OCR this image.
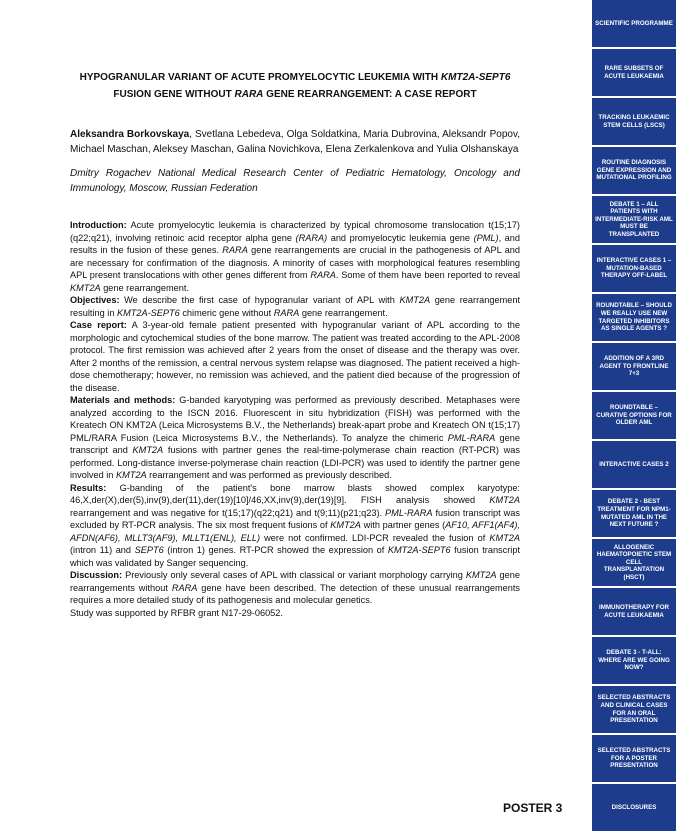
HYPOGRANULAR VARIANT OF ACUTE PROMYELOCYTIC LEUKEMIA WITH KMT2A-SEPT6 FUSION GENE WITHOUT RARA GENE REARRANGEMENT: A CASE REPORT
Aleksandra Borkovskaya, Svetlana Lebedeva, Olga Soldatkina, Maria Dubrovina, Aleksandr Popov, Michael Maschan, Aleksey Maschan, Galina Novichkova, Elena Zerkalenkova and Yulia Olshanskaya
Dmitry Rogachev National Medical Research Center of Pediatric Hematology, Oncology and Immunology, Moscow, Russian Federation

Introduction: Acute promyelocytic leukemia is characterized by typical chromosome translocation t(15;17)(q22;q21), involving retinoic acid receptor alpha gene (RARA) and promyelocytic leukemia gene (PML), and results in the fusion of these genes. RARA gene rearrangements are crucial in the pathogenesis of APL and are necessary for confirmation of the diagnosis. A minority of cases with morphological features resembling APL present translocations with other genes different from RARA. Some of them have been reported to reveal KMT2A gene rearrangement.

Objectives: We describe the first case of hypogranular variant of APL with KMT2A gene rearrangement resulting in KMT2A-SEPT6 chimeric gene without RARA gene rearrangement.

Case report: A 3-year-old female patient presented with hypogranular variant of APL according to the morphologic and cytochemical studies of the bone marrow. The patient was treated according to the APL-2008 protocol. The first remission was achieved after 2 years from the onset of disease and the therapy was over. After 2 months of the remission, a central nervous system relapse was diagnosed. The patient received a high-dose chemotherapy; however, no remission was achieved, and the patient died because of the progression of the disease.

Materials and methods: G-banded karyotyping was performed as previously described. Metaphases were analyzed according to the ISCN 2016. Fluorescent in situ hybridization (FISH) was performed with the Kreatech ON KMT2A (Leica Microsystems B.V., the Netherlands) break-apart probe and Kreatech ON t(15;17) PML/RARA Fusion (Leica Microsystems B.V., the Netherlands). To analyze the chimeric PML-RARA gene transcript and KMT2A fusions with partner genes the real-time-polymerase chain reaction (RT-PCR) was performed. Long-distance inverse-polymerase chain reaction (LDI-PCR) was used to identify the partner gene involved in KMT2A rearrangement and was performed as previously described.

Results: G-banding of the patient's bone marrow blasts showed complex karyotype: 46,X,der(X),der(5),inv(9),der(11),der(19)[10]/46,XX,inv(9),der(19)[9]. FISH analysis showed KMT2A rearrangement and was negative for t(15;17)(q22;q21) and t(9;11)(p21;q23). PML-RARA fusion transcript was excluded by RT-PCR analysis. The six most frequent fusions of KMT2A with partner genes (AF10, AFF1(AF4), AFDN(AF6), MLLT3(AF9), MLLT1(ENL), ELL) were not confirmed. LDI-PCR revealed the fusion of KMT2A (intron 11) and SEPT6 (intron 1) genes. RT-PCR showed the expression of KMT2A-SEPT6 fusion transcript which was validated by Sanger sequencing.

Discussion: Previously only several cases of APL with classical or variant morphology carrying KMT2A gene rearrangements without RARA gene have been described. The detection of these unusual rearrangements requires a more detailed study of its pathogenesis and molecular genetics.

Study was supported by RFBR grant N17-29-06052.

POSTER 3
SCIENTIFIC PROGRAMME
RARE SUBSETS OF ACUTE LEUKAEMIA
TRACKING LEUKAEMIC STEM CELLS (LSCS)
ROUTINE DIAGNOSIS GENE EXPRESSION AND MUTATIONAL PROFILING
DEBATE 1 – ALL PATIENTS WITH INTERMEDIATE-RISK AML MUST BE TRANSPLANTED
INTERACTIVE CASES 1 – MUTATION-BASED THERAPY OFF-LABEL
ROUNDTABLE – SHOULD WE REALLY USE NEW TARGETED INHIBITORS AS SINGLE AGENTS ?
ADDITION OF A 3RD AGENT TO FRONTLINE 7+3
ROUNDTABLE – CURATIVE OPTIONS FOR OLDER AML
INTERACTIVE CASES 2
DEBATE 2 - BEST TREATMENT FOR NPM1-MUTATED AML IN THE NEXT FUTURE ?
ALLOGENEIC HAEMATOPOIETIC STEM CELL TRANSPLANTATION (HSCT)
IMMUNOTHERAPY FOR ACUTE LEUKAEMIA
DEBATE 3 - T-ALL: WHERE ARE WE GOING NOW?
SELECTED ABSTRACTS AND CLINICAL CASES FOR AN ORAL PRESENTATION
SELECTED ABSTRACTS FOR A POSTER PRESENTATION
DISCLOSURES
